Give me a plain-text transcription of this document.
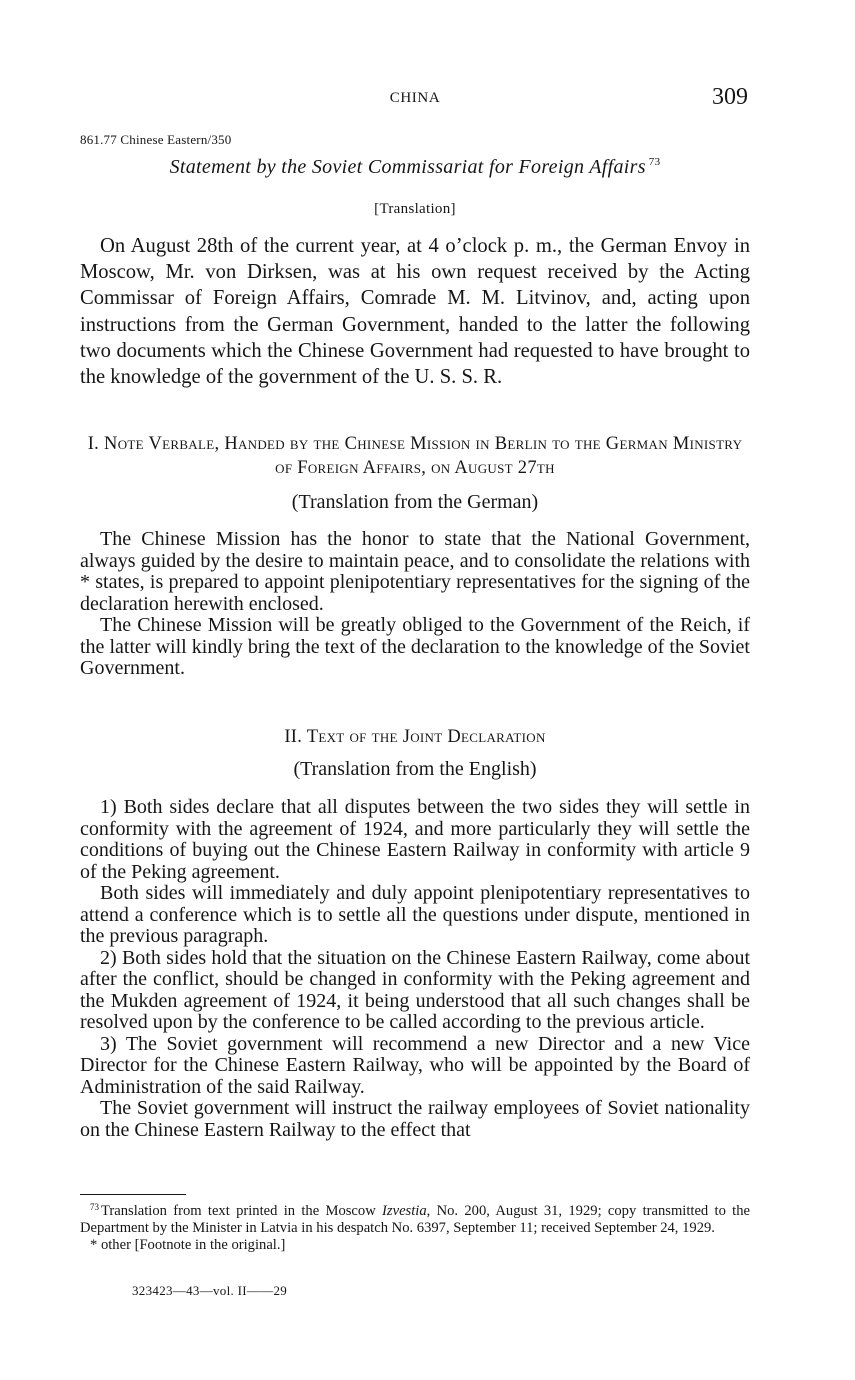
CHINA	309
861.77 Chinese Eastern/350
Statement by the Soviet Commissariat for Foreign Affairs $^{73}$
[Translation]

On August 28th of the current year, at 4 o’clock p. m., the German Envoy in Moscow, Mr. von Dirksen, was at his own request received by the Acting Commissar of Foreign Affairs, Comrade M. M. Litvinov, and, acting upon instructions from the German Government, handed to the latter the following two documents which the Chinese Government had requested to have brought to the knowledge of the government of the U. S. S. R.

I. Note Verbale, Handed by the Chinese Mission in Berlin to the German Ministry of Foreign Affairs, on August 27th

(Translation from the German)

The Chinese Mission has the honor to state that the National Government, always guided by the desire to maintain peace, and to consolidate the relations with * states, is prepared to appoint plenipotentiary representatives for the signing of the declaration herewith enclosed.

The Chinese Mission will be greatly obliged to the Government of the Reich, if the latter will kindly bring the text of the declaration to the knowledge of the Soviet Government.

II. Text of the Joint Declaration

(Translation from the English)

1) Both sides declare that all disputes between the two sides they will settle in conformity with the agreement of 1924, and more particularly they will settle the conditions of buying out the Chinese Eastern Railway in conformity with article 9 of the Peking agreement.

Both sides will immediately and duly appoint plenipotentiary representatives to attend a conference which is to settle all the questions under dispute, mentioned in the previous paragraph.

2) Both sides hold that the situation on the Chinese Eastern Railway, come about after the conflict, should be changed in conformity with the Peking agreement and the Mukden agreement of 1924, it being understood that all such changes shall be resolved upon by the conference to be called according to the previous article.

3) The Soviet government will recommend a new Director and a new Vice Director for the Chinese Eastern Railway, who will be appointed by the Board of Administration of the said Railway.

The Soviet government will instruct the railway employees of Soviet nationality on the Chinese Eastern Railway to the effect that

$^{73}$ Translation from text printed in the Moscow Izvestia, No. 200, August 31, 1929; copy transmitted to the Department by the Minister in Latvia in his despatch No. 6397, September 11; received September 24, 1929.

* other [Footnote in the original.]

323423—43—vol. II——29
